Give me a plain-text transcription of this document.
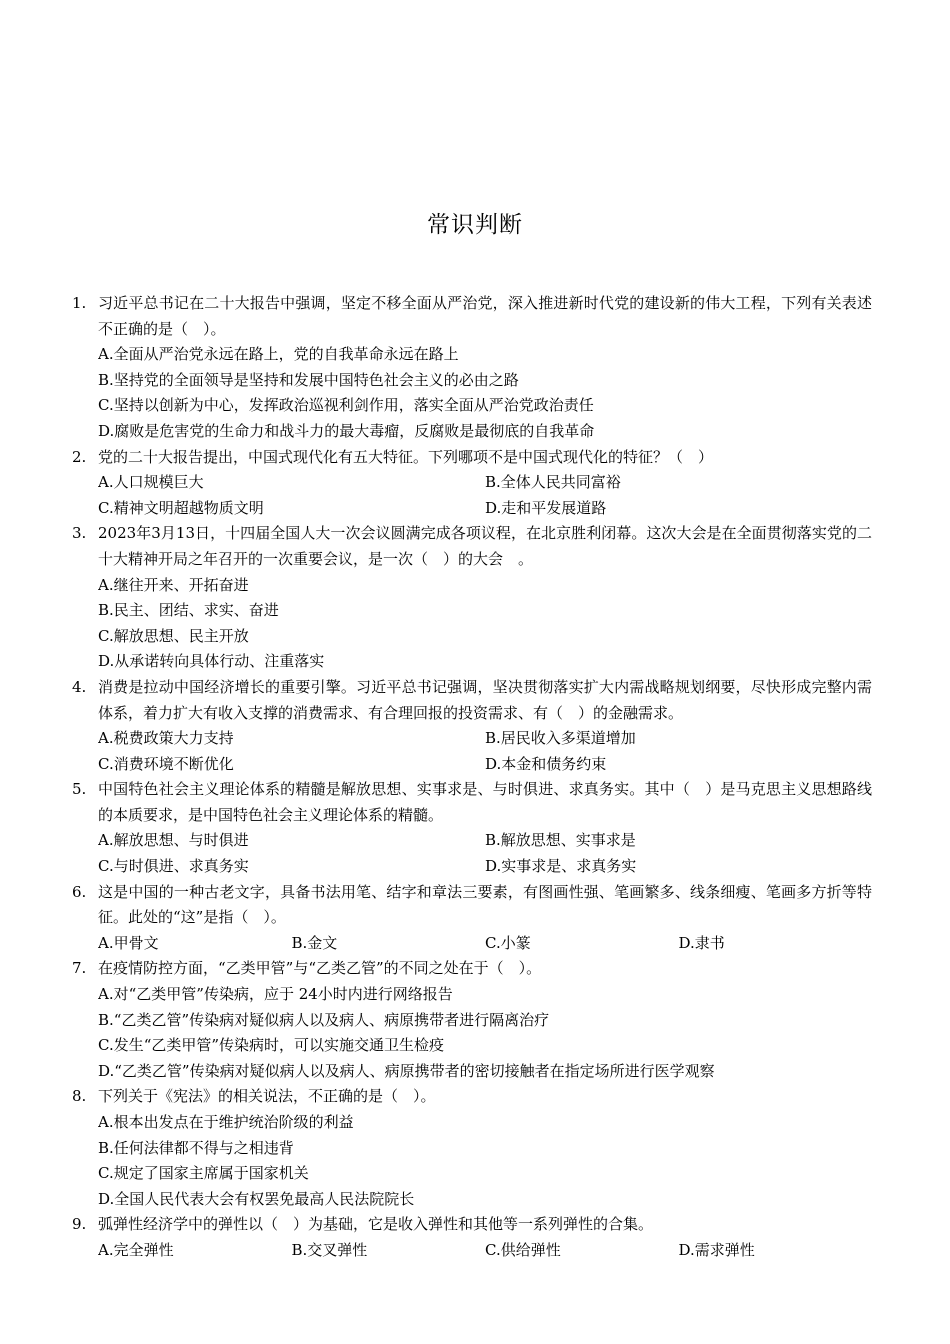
常识判断
1. 习近平总书记在二十大报告中强调，坚定不移全面从严治党，深入推进新时代党的建设新的伟大工程，下列有关表述不正确的是（　）。
A.全面从严治党永远在路上，党的自我革命永远在路上
B.坚持党的全面领导是坚持和发展中国特色社会主义的必由之路
C.坚持以创新为中心，发挥政治巡视利剑作用，落实全面从严治党政治责任
D.腐败是危害党的生命力和战斗力的最大毒瘤，反腐败是最彻底的自我革命
2. 党的二十大报告提出，中国式现代化有五大特征。下列哪项不是中国式现代化的特征？（　）
A.人口规模巨大	B.全体人民共同富裕
C.精神文明超越物质文明	D.走和平发展道路
3. 2023年3月13日，十四届全国人大一次会议圆满完成各项议程，在北京胜利闭幕。这次大会是在全面贯彻落实党的二十大精神开局之年召开的一次重要会议，是一次（　）的大会　。
A.继往开来、开拓奋进
B.民主、团结、求实、奋进
C.解放思想、民主开放
D.从承诺转向具体行动、注重落实
4. 消费是拉动中国经济增长的重要引擎。习近平总书记强调，坚决贯彻落实扩大内需战略规划纲要，尽快形成完整内需体系，着力扩大有收入支撑的消费需求、有合理回报的投资需求、有（　）的金融需求。
A.税费政策大力支持	B.居民收入多渠道增加
C.消费环境不断优化	D.本金和债务约束
5. 中国特色社会主义理论体系的精髓是解放思想、实事求是、与时俱进、求真务实。其中（　）是马克思主义思想路线的本质要求，是中国特色社会主义理论体系的精髓。
A.解放思想、与时俱进	B.解放思想、实事求是
C.与时俱进、求真务实	D.实事求是、求真务实
6. 这是中国的一种古老文字，具备书法用笔、结字和章法三要素，有图画性强、笔画繁多、线条细瘦、笔画多方折等特征。此处的“这”是指（　）。
A.甲骨文	B.金文	C.小篆	D.隶书
7. 在疫情防控方面，“乙类甲管”与“乙类乙管”的不同之处在于（　）。
A.对“乙类甲管”传染病，应于 24小时内进行网络报告
B.“乙类乙管”传染病对疑似病人以及病人、病原携带者进行隔离治疗
C.发生“乙类甲管”传染病时，可以实施交通卫生检疫
D.“乙类乙管”传染病对疑似病人以及病人、病原携带者的密切接触者在指定场所进行医学观察
8. 下列关于《宪法》的相关说法，不正确的是（　）。
A.根本出发点在于维护统治阶级的利益
B.任何法律都不得与之相违背
C.规定了国家主席属于国家机关
D.全国人民代表大会有权罢免最高人民法院院长
9. 弧弹性经济学中的弹性以（　）为基础，它是收入弹性和其他等一系列弹性的合集。
A.完全弹性	B.交叉弹性	C.供给弹性	D.需求弹性
